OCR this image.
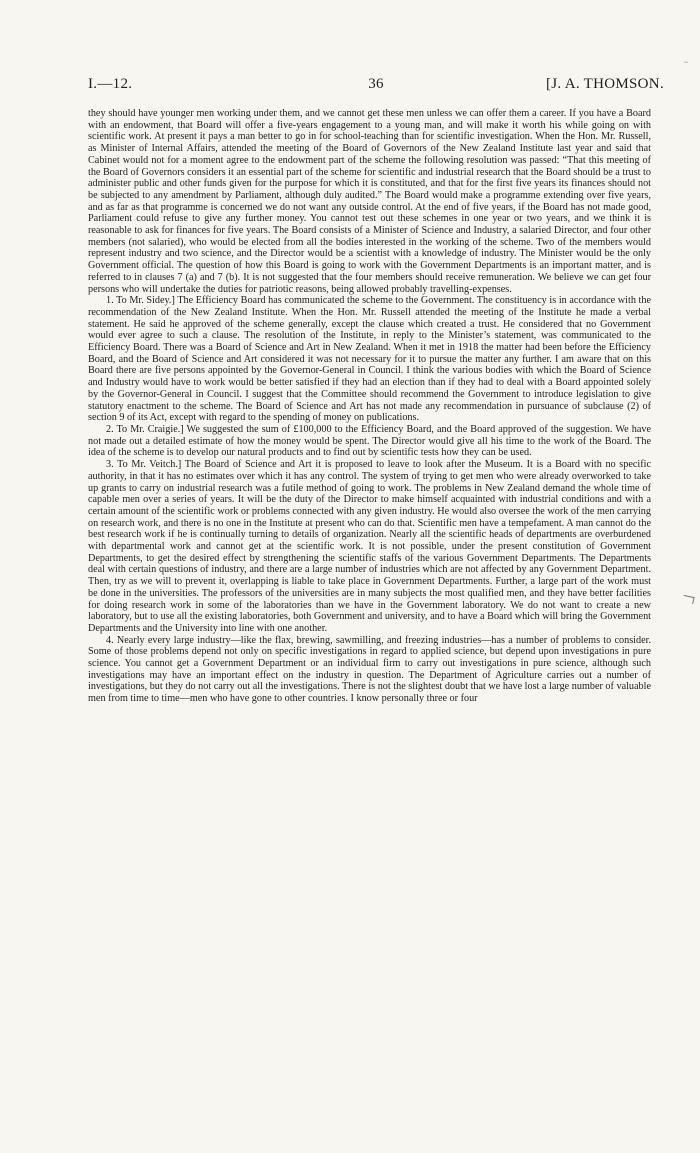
~
I.—12.	36	[J. A. THOMSON.

they should have younger men working under them, and we cannot get these men unless we can offer them a career. If you have a Board with an endowment, that Board will offer a five-years engagement to a young man, and will make it worth his while going on with scientific work. At present it pays a man better to go in for school-teaching than for scientific investigation. When the Hon. Mr. Russell, as Minister of Internal Affairs, attended the meeting of the Board of Governors of the New Zealand Institute last year and said that Cabinet would not for a moment agree to the endowment part of the scheme the following resolution was passed: “That this meeting of the Board of Governors considers it an essential part of the scheme for scientific and industrial research that the Board should be a trust to administer public and other funds given for the purpose for which it is constituted, and that for the first five years its finances should not be subjected to any amendment by Parliament, although duly audited.” The Board would make a programme extending over five years, and as far as that programme is concerned we do not want any outside control. At the end of five years, if the Board has not made good, Parliament could refuse to give any further money. You cannot test out these schemes in one year or two years, and we think it is reasonable to ask for finances for five years. The Board consists of a Minister of Science and Industry, a salaried Director, and four other members (not salaried), who would be elected from all the bodies interested in the working of the scheme. Two of the members would represent industry and two science, and the Director would be a scientist with a knowledge of industry. The Minister would be the only Government official. The question of how this Board is going to work with the Government Departments is an important matter, and is referred to in clauses 7 (a) and 7 (b). It is not suggested that the four members should receive remuneration. We believe we can get four persons who will undertake the duties for patriotic reasons, being allowed probably travelling-expenses.

1. To Mr. Sidey.] The Efficiency Board has communicated the scheme to the Government. The constituency is in accordance with the recommendation of the New Zealand Institute. When the Hon. Mr. Russell attended the meeting of the Institute he made a verbal statement. He said he approved of the scheme generally, except the clause which created a trust. He considered that no Government would ever agree to such a clause. The resolution of the Institute, in reply to the Minister’s statement, was communicated to the Efficiency Board. There was a Board of Science and Art in New Zealand. When it met in 1918 the matter had been before the Efficiency Board, and the Board of Science and Art considered it was not necessary for it to pursue the matter any further. I am aware that on this Board there are five persons appointed by the Governor-General in Council. I think the various bodies with which the Board of Science and Industry would have to work would be better satisfied if they had an election than if they had to deal with a Board appointed solely by the Governor-General in Council. I suggest that the Committee should recommend the Government to introduce legislation to give statutory enactment to the scheme. The Board of Science and Art has not made any recommendation in pursuance of subclause (2) of section 9 of its Act, except with regard to the spending of money on publications.

2. To Mr. Craigie.] We suggested the sum of £100,000 to the Efficiency Board, and the Board approved of the suggestion. We have not made out a detailed estimate of how the money would be spent. The Director would give all his time to the work of the Board. The idea of the scheme is to develop our natural products and to find out by scientific tests how they can be used.

3. To Mr. Veitch.] The Board of Science and Art it is proposed to leave to look after the Museum. It is a Board with no specific authority, in that it has no estimates over which it has any control. The system of trying to get men who were already overworked to take up grants to carry on industrial research was a futile method of going to work. The problems in New Zealand demand the whole time of capable men over a series of years. It will be the duty of the Director to make himself acquainted with industrial conditions and with a certain amount of the scientific work or problems connected with any given industry. He would also oversee the work of the men carrying on research work, and there is no one in the Institute at present who can do that. Scientific men have a tempefament. A man cannot do the best research work if he is continually turning to details of organization. Nearly all the scientific heads of departments are overburdened with departmental work and cannot get at the scientific work. It is not possible, under the present constitution of Government Departments, to get the desired effect by strengthening the scientific staffs of the various Government Departments. The Departments deal with certain questions of industry, and there are a large number of industries which are not affected by any Government Department. Then, try as we will to prevent it, overlapping is liable to take place in Government Departments. Further, a large part of the work must be done in the universities. The professors of the universities are in many subjects the most qualified men, and they have better facilities for doing research work in some of the laboratories than we have in the Government laboratory. We do not want to create a new laboratory, but to use all the existing laboratories, both Government and university, and to have a Board which will bring the Government Departments and the University into line with one another.

4. Nearly every large industry—like the flax, brewing, sawmilling, and freezing industries—has a number of problems to consider. Some of those problems depend not only on specific investigations in regard to applied science, but depend upon investigations in pure science. You cannot get a Government Department or an individual firm to carry out investigations in pure science, although such investigations may have an important effect on the industry in question. The Department of Agriculture carries out a number of investigations, but they do not carry out all the investigations. There is not the slightest doubt that we have lost a large number of valuable men from time to time—men who have gone to other countries. I know personally three or four
